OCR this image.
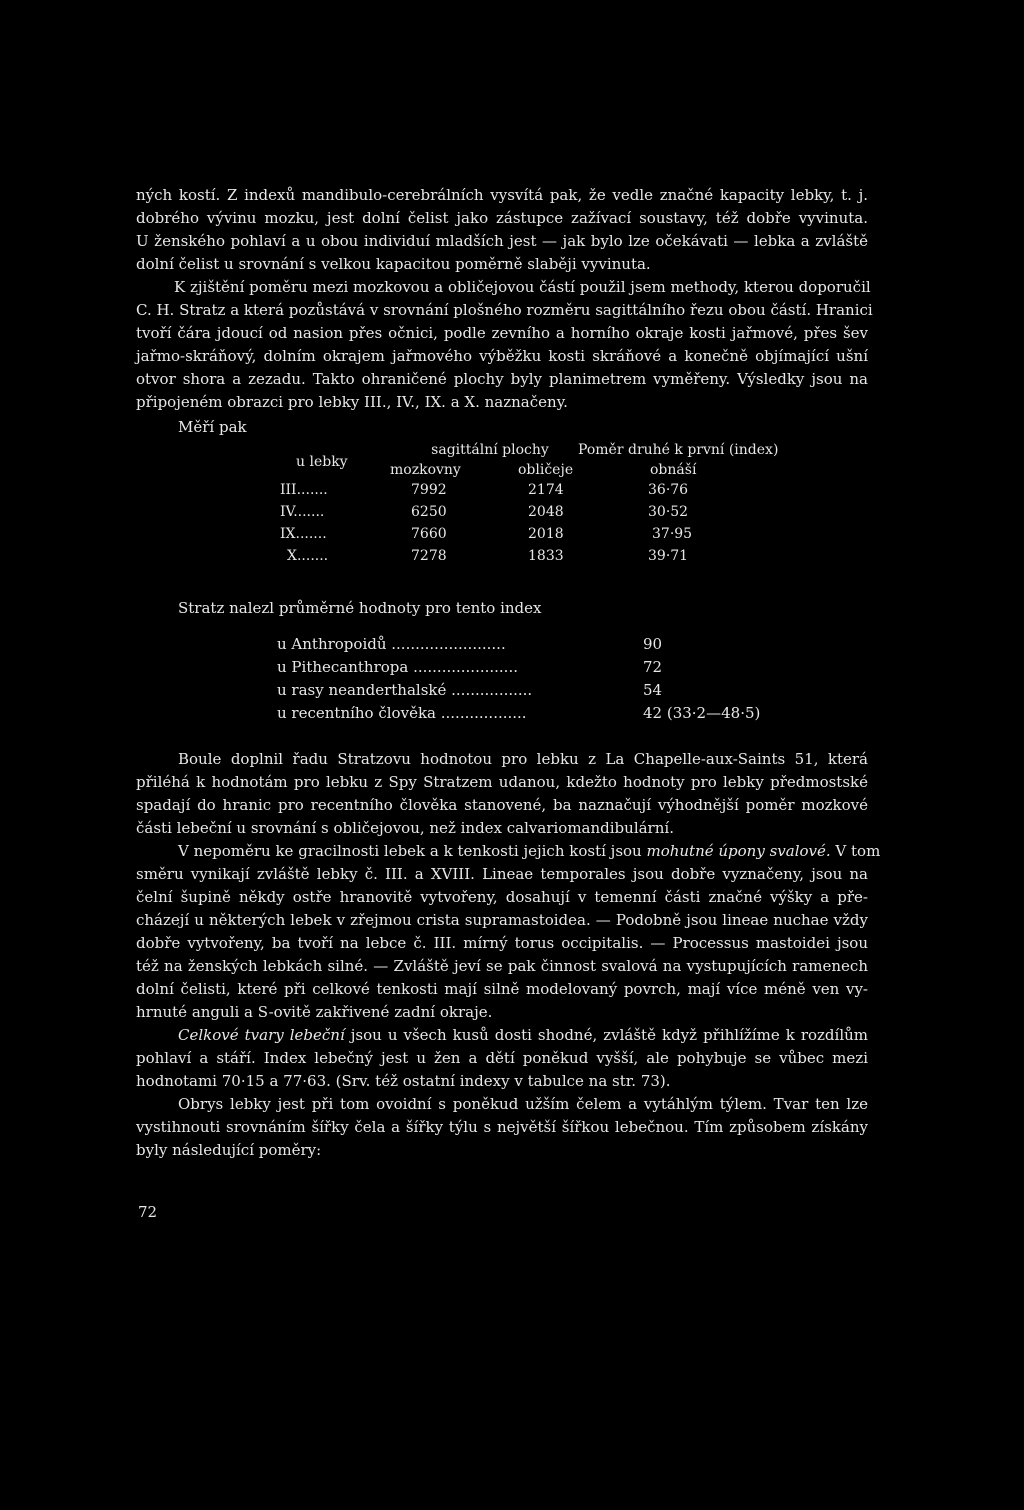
ných kostí. Z indexů mandibulo-cerebrálních vysvítá pak, že vedle značné kapacity lebky, t. j.
dobrého vývinu mozku, jest dolní čelist jako zástupce zažívací soustavy, též dobře vyvinuta.
U ženského pohlaví a u obou individuí mladších jest — jak bylo lze očekávati — lebka a zvláště
dolní čelist u srovnání s velkou kapacitou poměrně slaběji vyvinuta.
K zjištění poměru mezi mozkovou a obličejovou částí použil jsem methody, kterou doporučil
C. H. Stratz a která pozůstává v srovnání plošného rozměru sagittálního řezu obou částí. Hranici
tvoří čára jdoucí od nasion přes očnici, podle zevního a horního okraje kosti jařmové, přes šev
jařmo-skráňový, dolním okrajem jařmového výběžku kosti skráňové a konečně objímající ušní
otvor shora a zezadu. Takto ohraničené plochy byly planimetrem vyměřeny. Výsledky jsou na
připojeném obrazci pro lebky III., IV., IX. a X. naznačeny.
Měří pak
u lebky
sagittální plochy
mozkovny	obličeje
Poměr druhé k první (index)
obnáší
III.......	7992	2174	36·76
IV.......	6250	2048	30·52
IX.......	7660	2018	37·95
X.......	7278	1833	39·71
Stratz nalezl průměrné hodnoty pro tento index
u Anthropoidů ........................	90
u Pithecanthropa ......................	72
u rasy neanderthalské .................	54
u recentního člověka ..................	42 (33·2—48·5)
Boule doplnil řadu Stratzovu hodnotou pro lebku z La Chapelle-aux-Saints 51, která
přiléhá k hodnotám pro lebku z Spy Stratzem udanou, kdežto hodnoty pro lebky předmostské
spadají do hranic pro recentního člověka stanovené, ba naznačují výhodnější poměr mozkové
části lebeční u srovnání s obličejovou, než index calvariomandibulární.
V nepoměru ke gracilnosti lebek a k tenkosti jejich kostí jsou mohutné úpony svalové. V tom
směru vynikají zvláště lebky č. III. a XVIII. Lineae temporales jsou dobře vyznačeny, jsou na
čelní šupině někdy ostře hranovitě vytvořeny, dosahují v temenní části značné výšky a pře-
cházejí u některých lebek v zřejmou crista supramastoidea. — Podobně jsou lineae nuchae vždy
dobře vytvořeny, ba tvoří na lebce č. III. mírný torus occipitalis. — Processus mastoidei jsou
též na ženských lebkách silné. — Zvláště jeví se pak činnost svalová na vystupujících ramenech
dolní čelisti, které při celkové tenkosti mají silně modelovaný povrch, mají více méně ven vy-
hrnuté anguli a S-ovitě zakřivené zadní okraje.
Celkové tvary lebeční jsou u všech kusů dosti shodné, zvláště když přihlížíme k rozdílům
pohlaví a stáří. Index lebečný jest u žen a dětí poněkud vyšší, ale pohybuje se vůbec mezi
hodnotami 70·15 a 77·63. (Srv. též ostatní indexy v tabulce na str. 73).
Obrys lebky jest při tom ovoidní s poněkud užším čelem a vytáhlým týlem. Tvar ten lze
vystihnouti srovnáním šířky čela a šířky týlu s největší šířkou lebečnou. Tím způsobem získány
byly následující poměry:
72
